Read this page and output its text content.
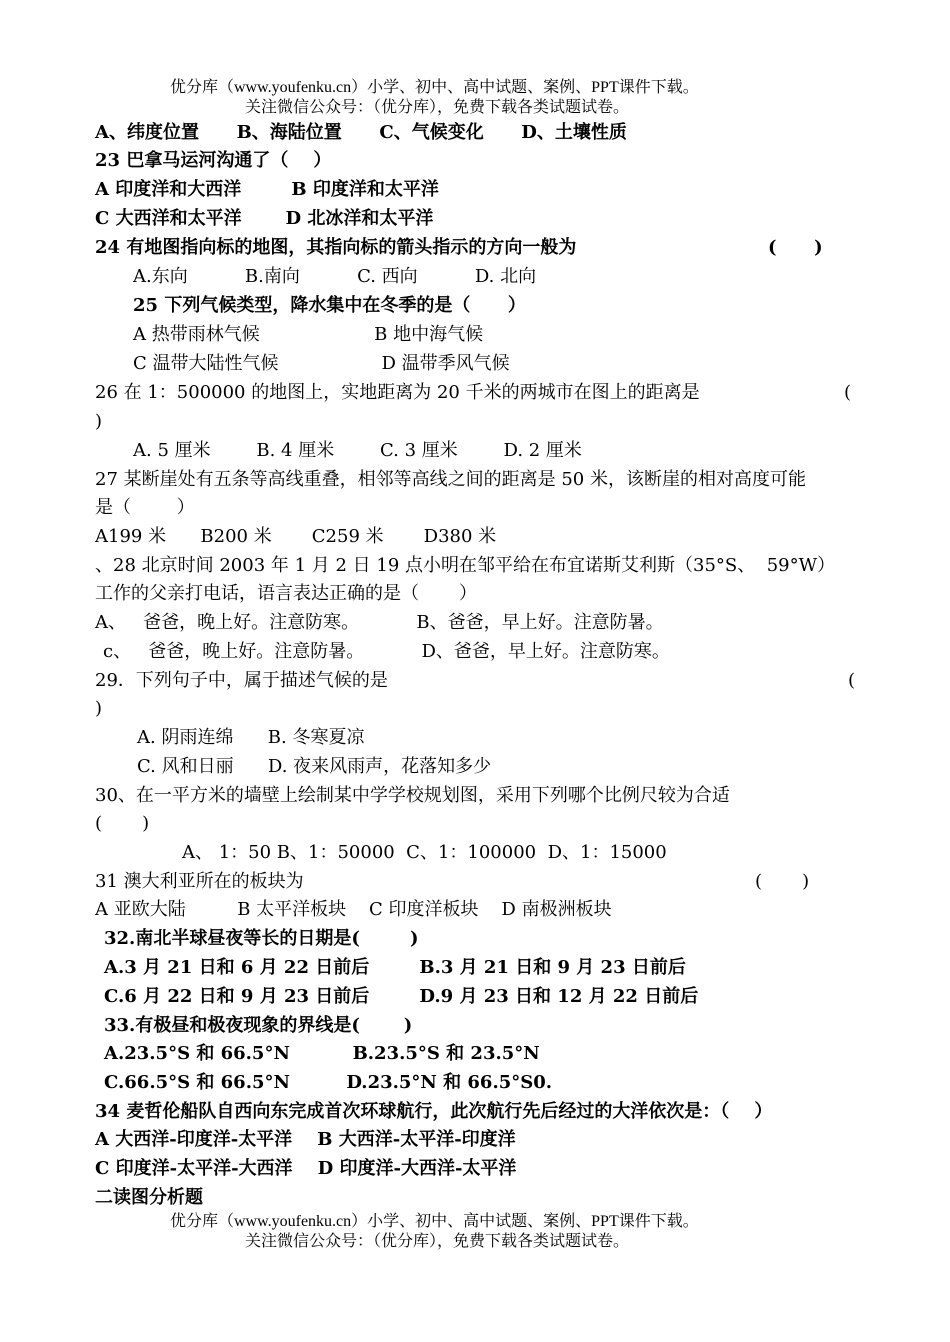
优分库（www.youfenku.cn）小学、初中、高中试题、案例、PPT课件下载。
关注微信公众号：（优分库），免费下载各类试题试卷。
A、纬度位置      B、海陆位置      C、气候变化      D、土壤性质
23 巴拿马运河沟通了（    ）
A 印度洋和大西洋        B 印度洋和太平洋
C 大西洋和太平洋       D 北冰洋和太平洋
24 有地图指向标的地图，其指向标的箭头指示的方向一般为	(      )
A.东向          B.南向          C. 西向          D. 北向
25 下列气候类型，降水集中在冬季的是（      ）
A 热带雨林气候                    B 地中海气候
C 温带大陆性气候                  D 温带季风气候
26 在 1：500000 的地图上，实地距离为 20 千米的两城市在图上的距离是	(
)
A. 5 厘米        B. 4 厘米        C. 3 厘米        D. 2 厘米
27 某断崖处有五条等高线重叠，相邻等高线之间的距离是 50 米，该断崖的相对高度可能
是（        ）
A199 米      B200 米       C259 米       D380 米
、28 北京时间 2003 年 1 月 2 日 19 点小明在邹平给在布宜诺斯艾利斯（35°S、  59°W）
工作的父亲打电话，语言表达正确的是（       ）
A、   爸爸，晚上好。注意防寒。          B、爸爸，早上好。注意防暑。
c、   爸爸，晚上好。注意防暑。          D、爸爸，早上好。注意防寒。
29．下列句子中，属于描述气候的是	(
)
A. 阴雨连绵      B. 冬寒夏凉
C. 风和日丽      D. 夜来风雨声，花落知多少
30、在一平方米的墙壁上绘制某中学学校规划图，采用下列哪个比例尺较为合适
(       )
A、 1：50 B、1：50000  C、1：100000  D、1：15000
31 澳大利亚所在的板块为	(       )
A 亚欧大陆         B 太平洋板块    C 印度洋板块    D 南极洲板块
32.南北半球昼夜等长的日期是(        )
A.3 月 21 日和 6 月 22 日前后        B.3 月 21 日和 9 月 23 日前后
C.6 月 22 日和 9 月 23 日前后        D.9 月 23 日和 12 月 22 日前后
33.有极昼和极夜现象的界线是(       )
A.23.5°S 和 66.5°N          B.23.5°S 和 23.5°N
C.66.5°S 和 66.5°N         D.23.5°N 和 66.5°S0.
34 麦哲伦船队自西向东完成首次环球航行，此次航行先后经过的大洋依次是：（    ）
A 大西洋-印度洋-太平洋    B 大西洋-太平洋-印度洋
C 印度洋-太平洋-大西洋    D 印度洋-大西洋-太平洋
二读图分析题
优分库（www.youfenku.cn）小学、初中、高中试题、案例、PPT课件下载。
关注微信公众号：（优分库），免费下载各类试题试卷。
